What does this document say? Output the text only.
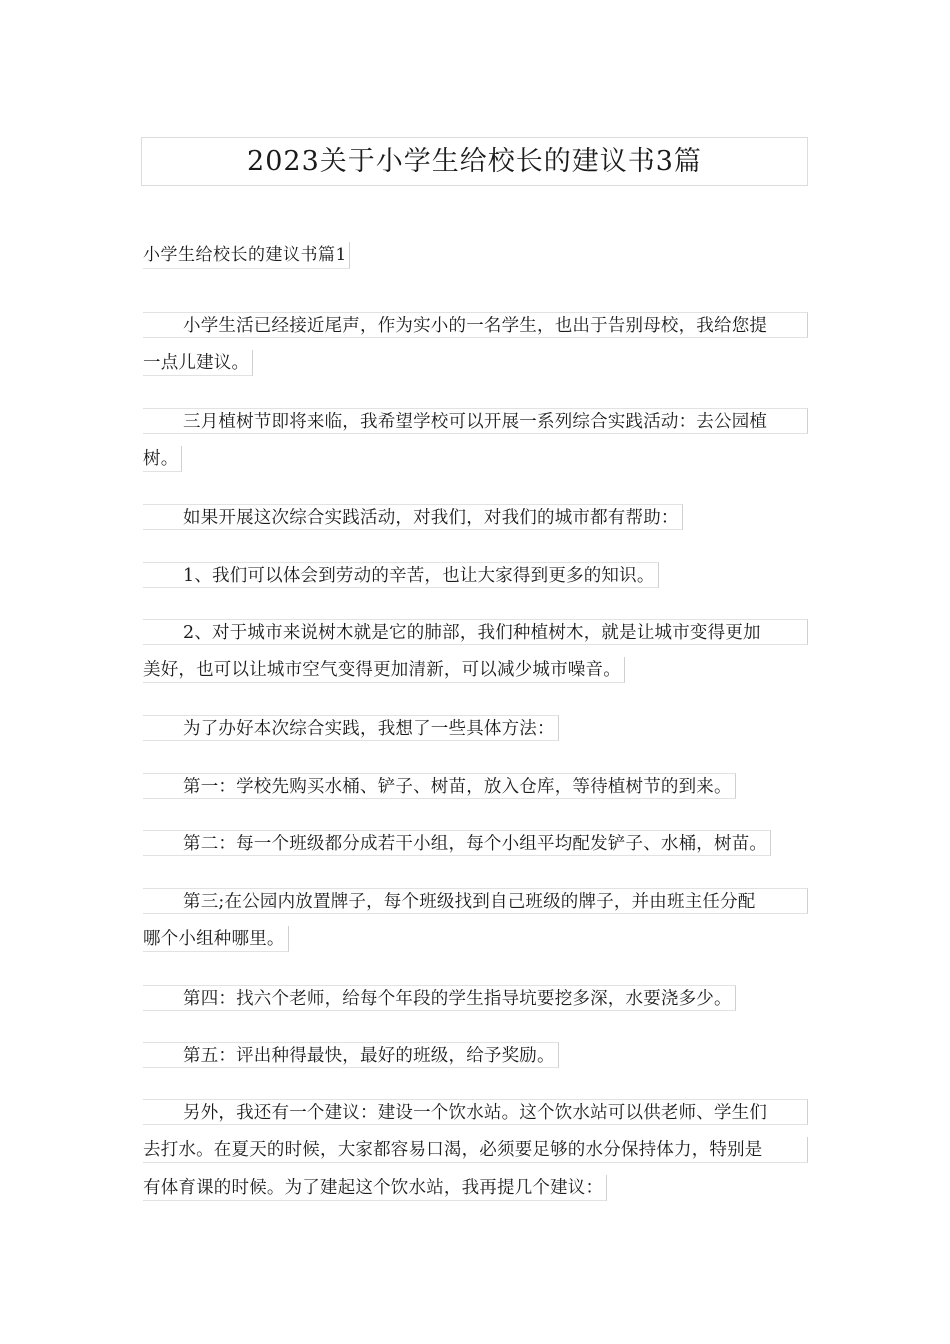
2023关于小学生给校长的建议书3篇
小学生给校长的建议书篇1
小学生活已经接近尾声，作为实小的一名学生，也出于告别母校，我给您提
一点儿建议。
三月植树节即将来临，我希望学校可以开展一系列综合实践活动：去公园植
树。
如果开展这次综合实践活动，对我们，对我们的城市都有帮助：
1、我们可以体会到劳动的辛苦，也让大家得到更多的知识。
2、对于城市来说树木就是它的肺部，我们种植树木，就是让城市变得更加
美好，也可以让城市空气变得更加清新，可以减少城市噪音。
为了办好本次综合实践，我想了一些具体方法：
第一：学校先购买水桶、铲子、树苗，放入仓库，等待植树节的到来。
第二：每一个班级都分成若干小组，每个小组平均配发铲子、水桶，树苗。
第三;在公园内放置牌子，每个班级找到自己班级的牌子，并由班主任分配
哪个小组种哪里。
第四：找六个老师，给每个年段的学生指导坑要挖多深，水要浇多少。
第五：评出种得最快，最好的班级，给予奖励。
另外，我还有一个建议：建设一个饮水站。这个饮水站可以供老师、学生们
去打水。在夏天的时候，大家都容易口渴，必须要足够的水分保持体力，特别是
有体育课的时候。为了建起这个饮水站，我再提几个建议：
